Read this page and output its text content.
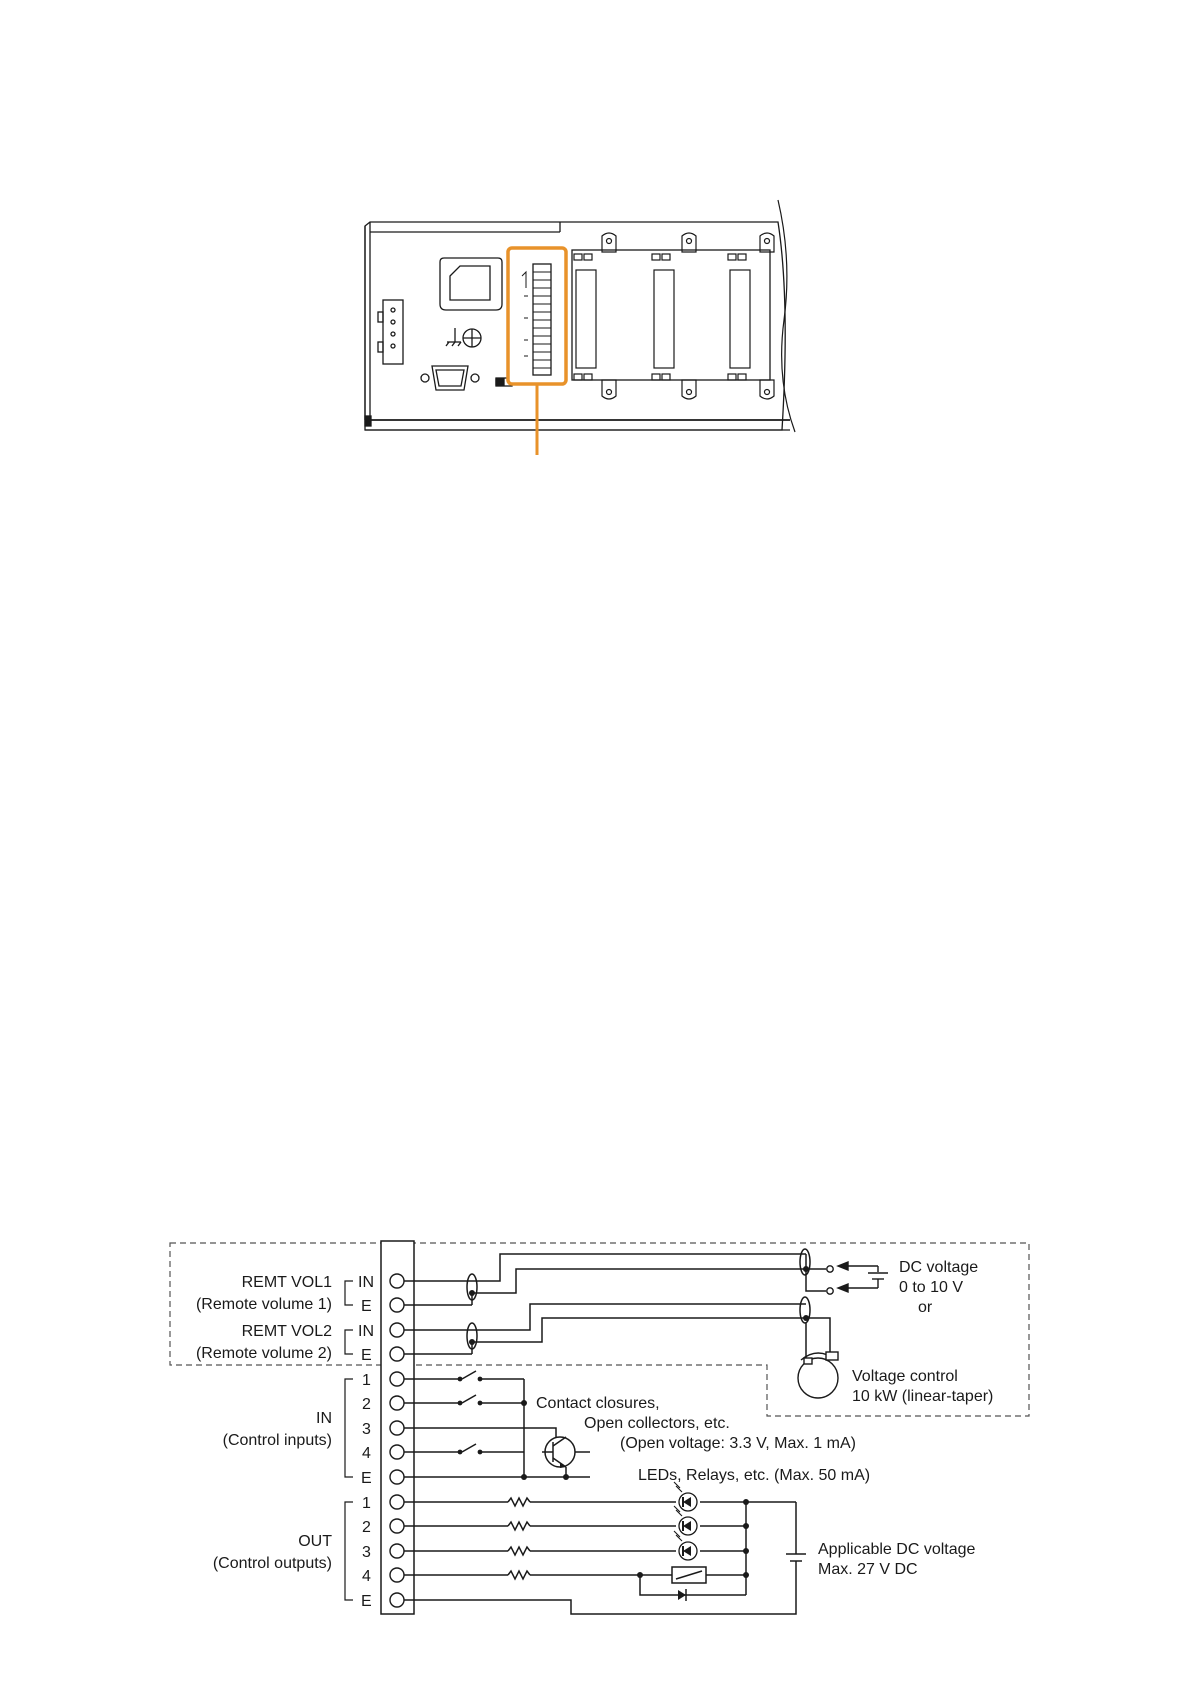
REMT VOL1
(Remote volume 1)
REMT VOL2
(Remote volume 2)
IN
(Control inputs)
OUT
(Control outputs)
IN
E
IN
E
1
2
3
4
E
1
2
3
4
E
DC voltage
0 to 10 V
or
Voltage control
10 kW (linear-taper)
Contact closures,
Open collectors, etc.
(Open voltage: 3.3 V, Max. 1 mA)
LEDs, Relays, etc. (Max. 50 mA)
Applicable DC voltage
Max. 27 V DC
